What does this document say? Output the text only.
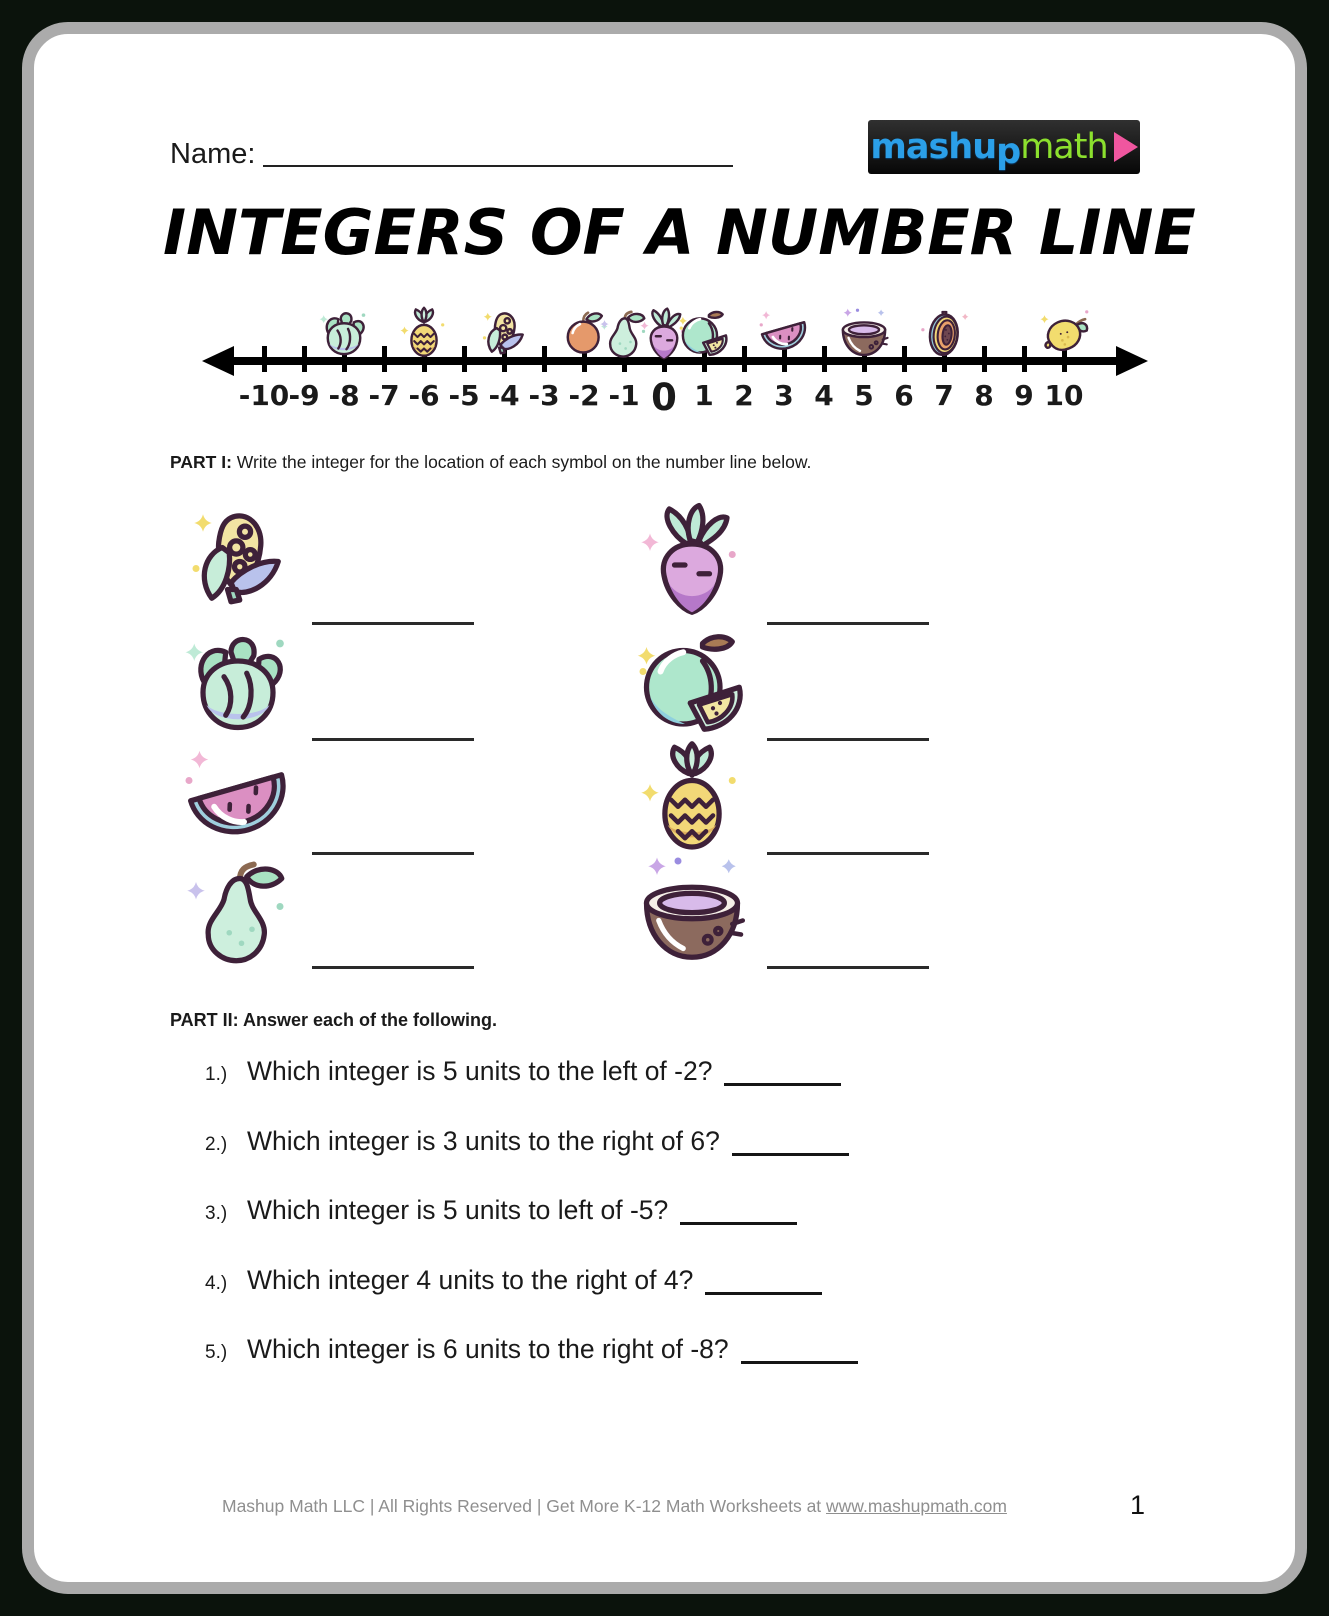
Name:	mashu p math
INTEGERS OF A NUMBER LINE
-10 -9 -8 -7 -6 -5 -4 -3 -2 -1 0 1 2 3 4 5 6 7 8 9 10
PART I: Write the integer for the location of each symbol on the number line below.
PART II: Answer each of the following.
1.) Which integer is 5 units to the left of -2?
2.) Which integer is 3 units to the right of 6?
3.) Which integer is 5 units to left of -5?
4.) Which integer 4 units to the right of 4?
5.) Which integer is 6 units to the right of -8?
Mashup Math LLC | All Rights Reserved | Get More K-12 Math Worksheets at www.mashupmath.com	1
